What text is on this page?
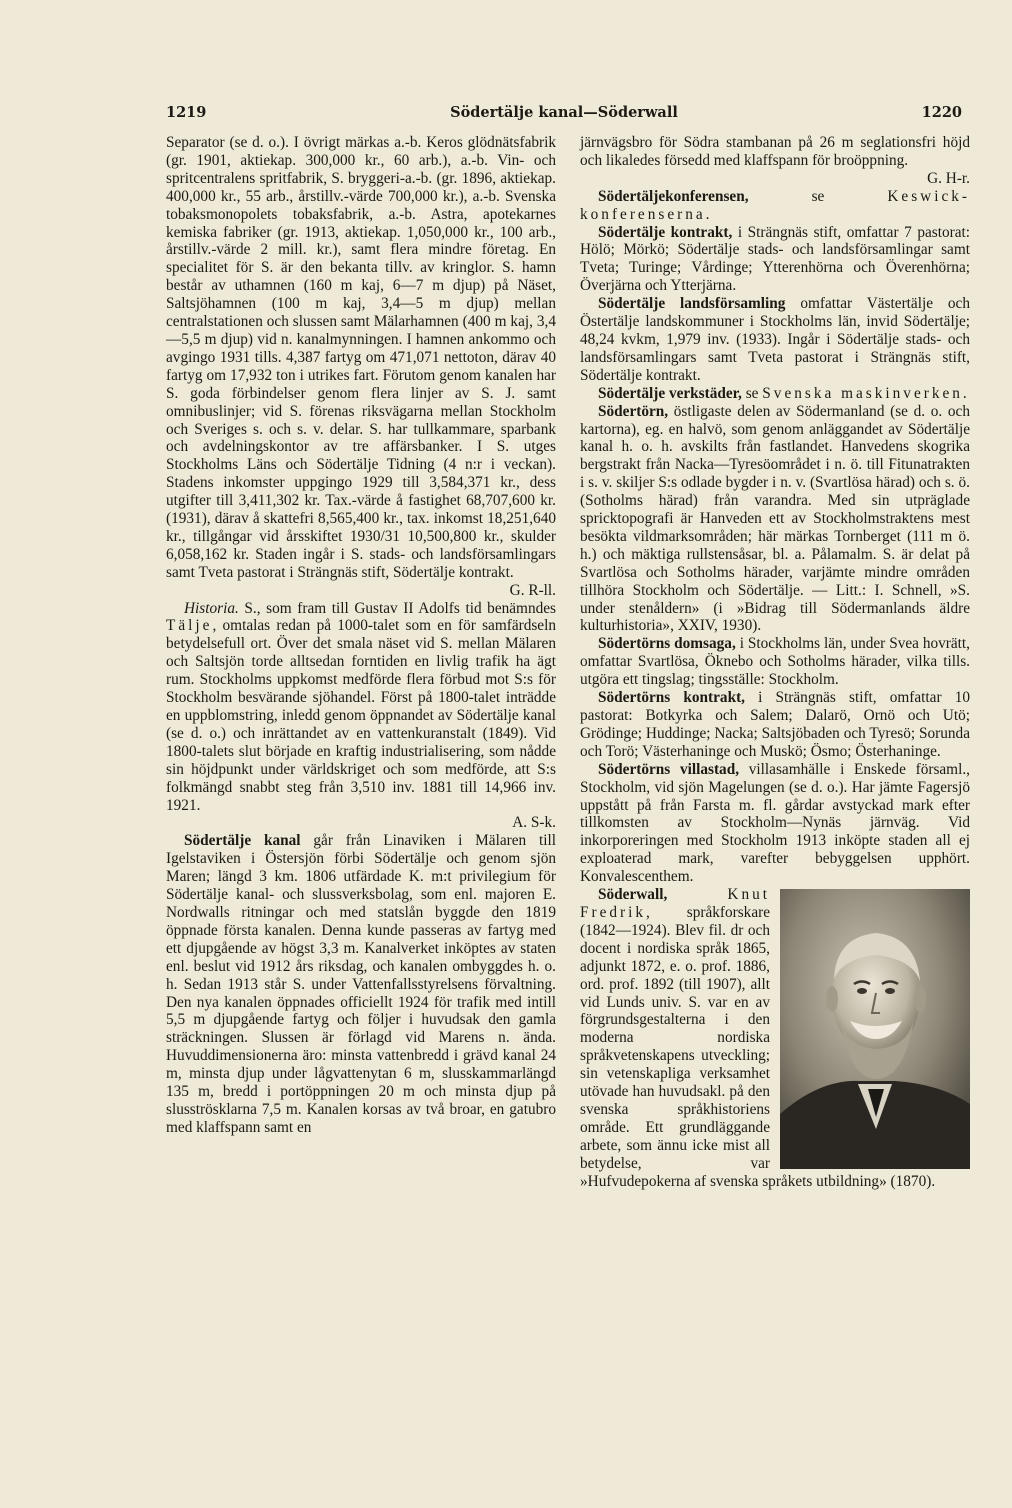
1219	Södertälje kanal—Söderwall	1220

Separator (se d. o.). I övrigt märkas a.-b. Keros glödnätsfabrik (gr. 1901, aktiekap. 300,000 kr., 60 arb.), a.-b. Vin- och spritcentralens spritfabrik, S. bryggeri-a.-b. (gr. 1896, aktiekap. 400,000 kr., 55 arb., årstillv.-värde 700,000 kr.), a.-b. Svenska tobaksmonopolets tobaksfabrik, a.-b. Astra, apotekarnes kemiska fabriker (gr. 1913, aktiekap. 1,050,000 kr., 100 arb., årstillv.-värde 2 mill. kr.), samt flera mindre företag. En specialitet för S. är den bekanta tillv. av kringlor. S. hamn består av uthamnen (160 m kaj, 6—7 m djup) på Näset, Saltsjöhamnen (100 m kaj, 3,4—5 m djup) mellan centralstationen och slussen samt Mälarhamnen (400 m kaj, 3,4—5,5 m djup) vid n. kanalmynningen. I hamnen ankommo och avgingo 1931 tills. 4,387 fartyg om 471,071 nettoton, därav 40 fartyg om 17,932 ton i utrikes fart. Förutom genom kanalen har S. goda förbindelser genom flera linjer av S. J. samt omnibuslinjer; vid S. förenas riksvägarna mellan Stockholm och Sveriges s. och s. v. delar. S. har tullkammare, sparbank och avdelningskontor av tre affärsbanker. I S. utges Stockholms Läns och Södertälje Tidning (4 n:r i veckan). Stadens inkomster uppgingo 1929 till 3,584,371 kr., dess utgifter till 3,411,302 kr. Tax.-värde å fastighet 68,707,600 kr. (1931), därav å skattefri 8,565,400 kr., tax. inkomst 18,251,640 kr., tillgångar vid årsskiftet 1930/31 10,500,800 kr., skulder 6,058,162 kr. Staden ingår i S. stads- och landsförsamlingars samt Tveta pastorat i Strängnäs stift, Södertälje kontrakt.

G. R-ll.

Historia. S., som fram till Gustav II Adolfs tid benämndes Tälje, omtalas redan på 1000-talet som en för samfärdseln betydelsefull ort. Över det smala näset vid S. mellan Mälaren och Saltsjön torde alltsedan forntiden en livlig trafik ha ägt rum. Stockholms uppkomst medförde flera förbud mot S:s för Stockholm besvärande sjöhandel. Först på 1800-talet inträdde en uppblomstring, inledd genom öppnandet av Södertälje kanal (se d. o.) och inrättandet av en vattenkuranstalt (1849). Vid 1800-talets slut började en kraftig industrialisering, som nådde sin höjdpunkt under världskriget och som medförde, att S:s folkmängd snabbt steg från 3,510 inv. 1881 till 14,966 inv. 1921.

A. S-k.

Södertälje kanal går från Linaviken i Mälaren till Igelstaviken i Östersjön förbi Södertälje och genom sjön Maren; längd 3 km. 1806 utfärdade K. m:t privilegium för Södertälje kanal- och slussverksbolag, som enl. majoren E. Nordwalls ritningar och med statslån byggde den 1819 öppnade första kanalen. Denna kunde passeras av fartyg med ett djupgående av högst 3,3 m. Kanalverket inköptes av staten enl. beslut vid 1912 års riksdag, och kanalen ombyggdes h. o. h. Sedan 1913 står S. under Vattenfallsstyrelsens förvaltning. Den nya kanalen öppnades officiellt 1924 för trafik med intill 5,5 m djupgående fartyg och följer i huvudsak den gamla sträckningen. Slussen är förlagd vid Marens n. ända. Huvuddimensionerna äro: minsta vattenbredd i grävd kanal 24 m, minsta djup under lågvattenytan 6 m, slusskammarlängd 135 m, bredd i portöppningen 20 m och minsta djup på slusströsklarna 7,5 m. Kanalen korsas av två broar, en gatubro med klaffspann samt en

järnvägsbro för Södra stambanan på 26 m seglationsfri höjd och likaledes försedd med klaffspann för broöppning.

G. H-r.

Södertäljekonferensen, se Keswick-konferenserna.

Södertälje kontrakt, i Strängnäs stift, omfattar 7 pastorat: Hölö; Mörkö; Södertälje stads- och landsförsamlingar samt Tveta; Turinge; Vårdinge; Ytterenhörna och Överenhörna; Överjärna och Ytterjärna.

Södertälje landsförsamling omfattar Västertälje och Östertälje landskommuner i Stockholms län, invid Södertälje; 48,24 kvkm, 1,979 inv. (1933). Ingår i Södertälje stads- och landsförsamlingars samt Tveta pastorat i Strängnäs stift, Södertälje kontrakt.

Södertälje verkstäder, se Svenska maskinverken.

Södertörn, östligaste delen av Södermanland (se d. o. och kartorna), eg. en halvö, som genom anläggandet av Södertälje kanal h. o. h. avskilts från fastlandet. Hanvedens skogrika bergstrakt från Nacka—Tyresöområdet i n. ö. till Fitunatrakten i s. v. skiljer S:s odlade bygder i n. v. (Svartlösa härad) och s. ö. (Sotholms härad) från varandra. Med sin utpräglade spricktopografi är Hanveden ett av Stockholmstraktens mest besökta vildmarksområden; här märkas Tornberget (111 m ö. h.) och mäktiga rullstensåsar, bl. a. Pålamalm. S. är delat på Svartlösa och Sotholms härader, varjämte mindre områden tillhöra Stockholm och Södertälje. — Litt.: I. Schnell, »S. under stenåldern» (i »Bidrag till Södermanlands äldre kulturhistoria», XXIV, 1930).

Södertörns domsaga, i Stockholms län, under Svea hovrätt, omfattar Svartlösa, Öknebo och Sotholms härader, vilka tills. utgöra ett tingslag; tingsställe: Stockholm.

Södertörns kontrakt, i Strängnäs stift, omfattar 10 pastorat: Botkyrka och Salem; Dalarö, Ornö och Utö; Grödinge; Huddinge; Nacka; Saltsjöbaden och Tyresö; Sorunda och Torö; Västerhaninge och Muskö; Ösmo; Österhaninge.

Södertörns villastad, villasamhälle i Enskede församl., Stockholm, vid sjön Magelungen (se d. o.). Har jämte Fagersjö uppstått på från Farsta m. fl. gårdar avstyckad mark efter tillkomsten av Stockholm—Nynäs järnväg. Vid inkorporeringen med Stockholm 1913 inköpte staden all ej exploaterad mark, varefter bebyggelsen upphört. Konvalescenthem.

Söderwall, Knut Fredrik, språkforskare (1842—1924). Blev fil. dr och docent i nordiska språk 1865, adjunkt 1872, e. o. prof. 1886, ord. prof. 1892 (till 1907), allt vid Lunds univ. S. var en av förgrundsgestalterna i den moderna nordiska språkvetenskapens utveckling; sin vetenskapliga verksamhet utövade han huvudsakl. på den svenska språkhistoriens område. Ett grundläggande arbete, som ännu icke mist all betydelse, var »Hufvudepokerna af svenska språkets utbildning» (1870).
